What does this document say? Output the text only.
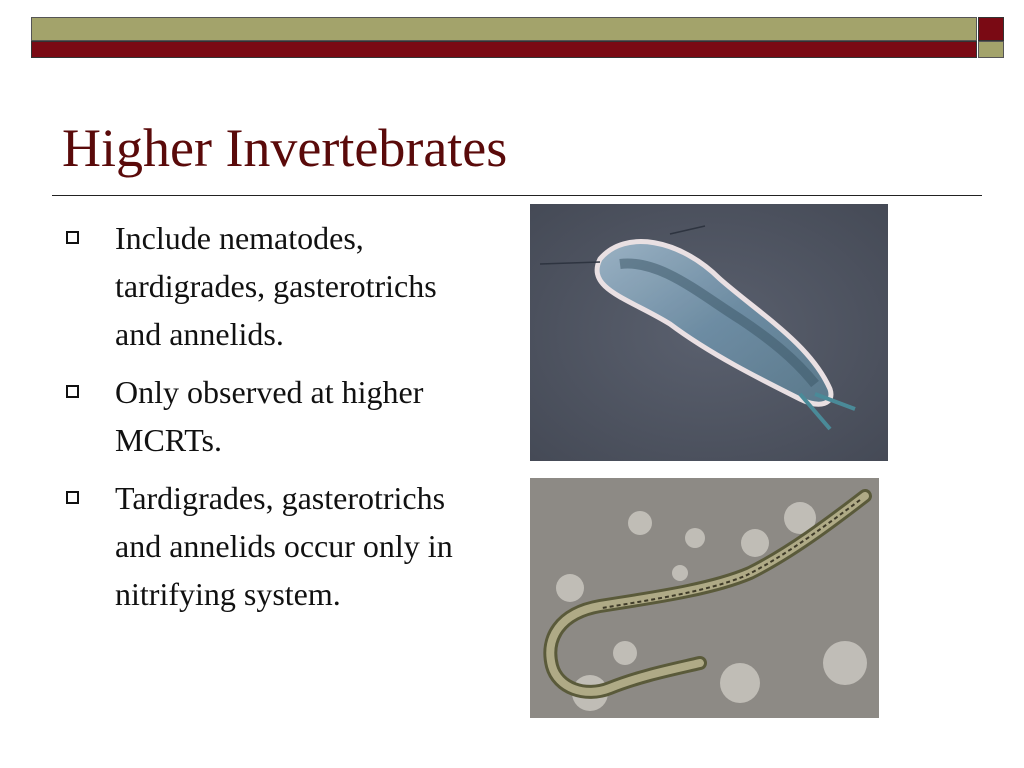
Higher Invertebrates
Include nematodes, tardigrades, gasterotrichs and annelids.
Only observed at higher MCRTs.
Tardigrades, gasterotrichs and annelids occur only in nitrifying system.
